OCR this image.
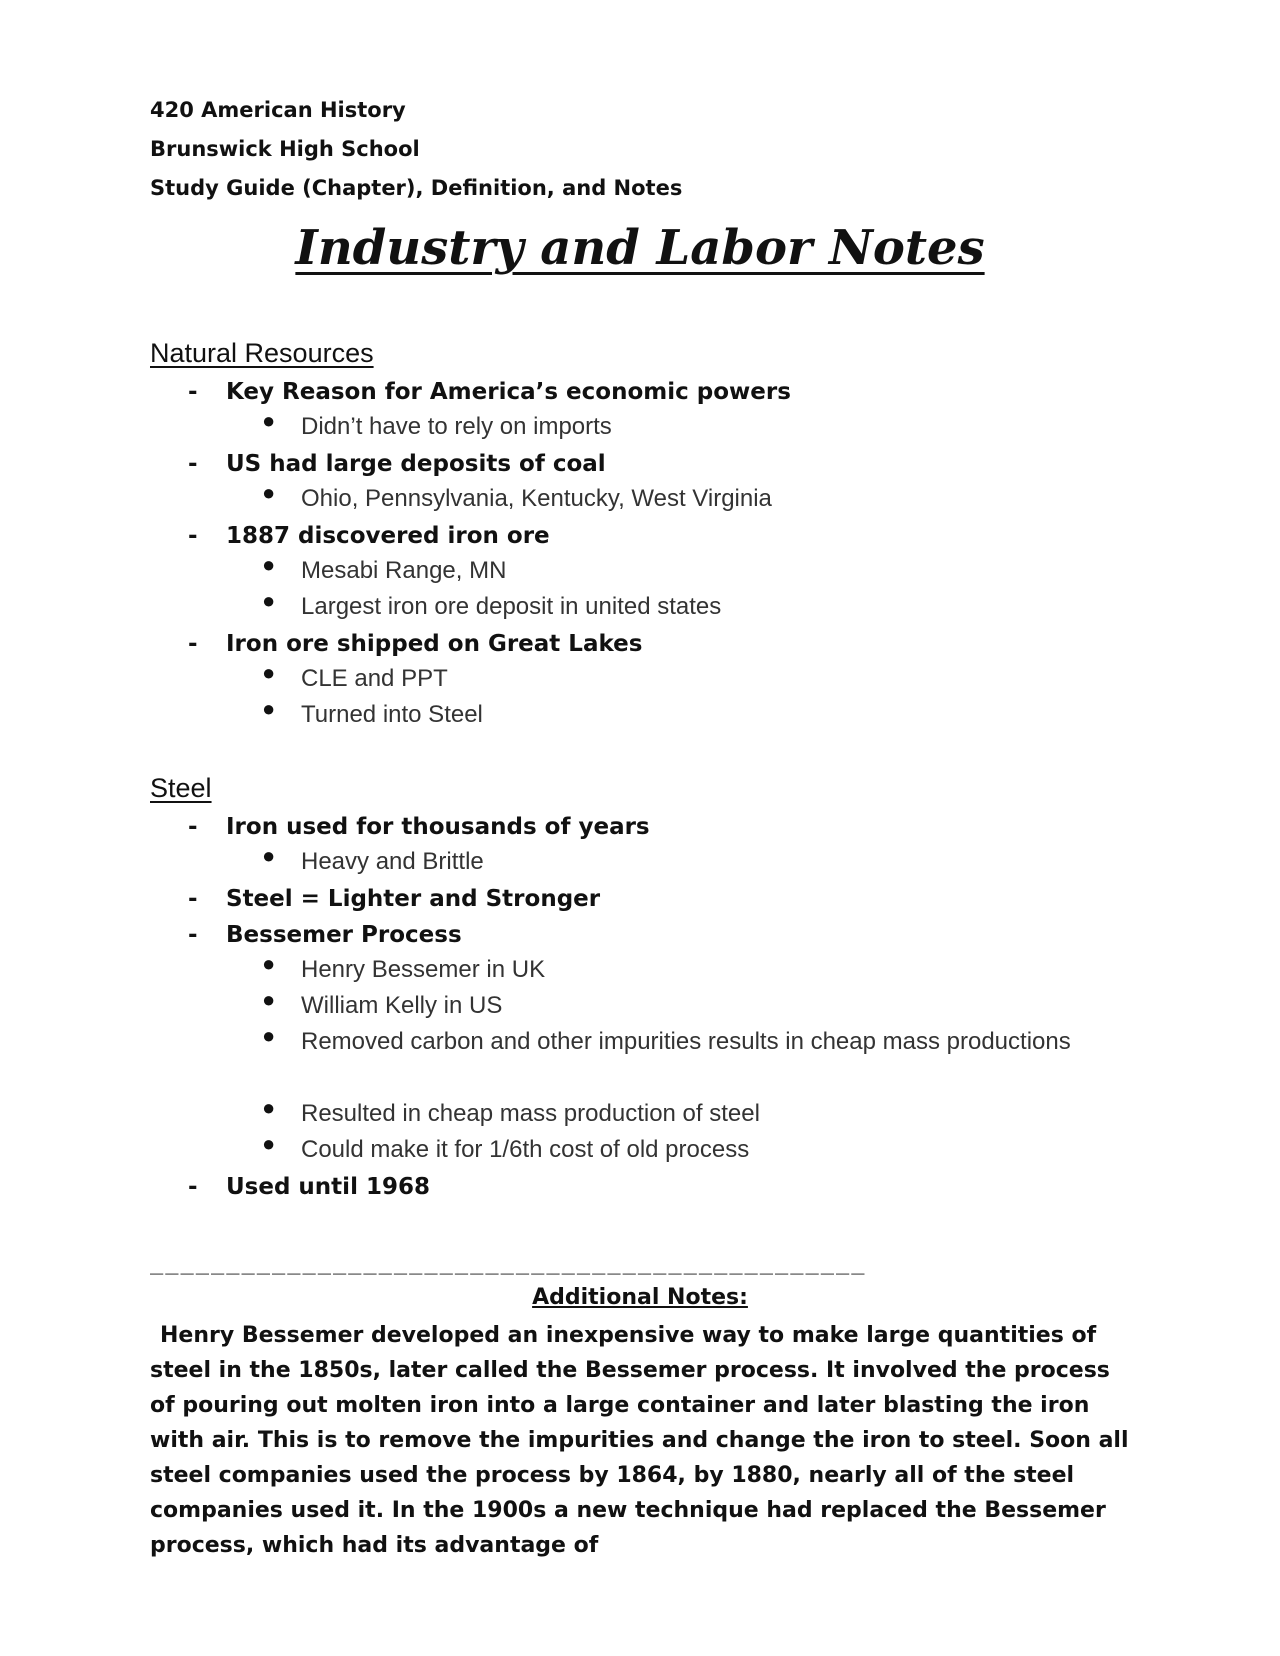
420 American History
Brunswick High School
Study Guide (Chapter), Definition, and Notes
Industry and Labor Notes
Natural Resources
- Key Reason for America’s economic powers
● Didn’t have to rely on imports
- US had large deposits of coal
● Ohio, Pennsylvania, Kentucky, West Virginia
- 1887 discovered iron ore
● Mesabi Range, MN
● Largest iron ore deposit in united states
- Iron ore shipped on Great Lakes
● CLE and PPT
● Turned into Steel
Steel
- Iron used for thousands of years
● Heavy and Brittle
- Steel = Lighter and Stronger
- Bessemer Process
● Henry Bessemer in UK
● William Kelly in US
● Removed carbon and other impurities results in cheap mass productions
● Resulted in cheap mass production of steel
● Could make it for 1/6th cost of old process
- Used until 1968
_______________________________________________
Additional Notes:
Henry Bessemer developed an inexpensive way to make large quantities of steel in the 1850s, later called the Bessemer process. It involved the process of pouring out molten iron into a large container and later blasting the iron with air. This is to remove the impurities and change the iron to steel. Soon all steel companies used the process by 1864, by 1880, nearly all of the steel companies used it. In the 1900s a new technique had replaced the Bessemer process, which had its advantage of
